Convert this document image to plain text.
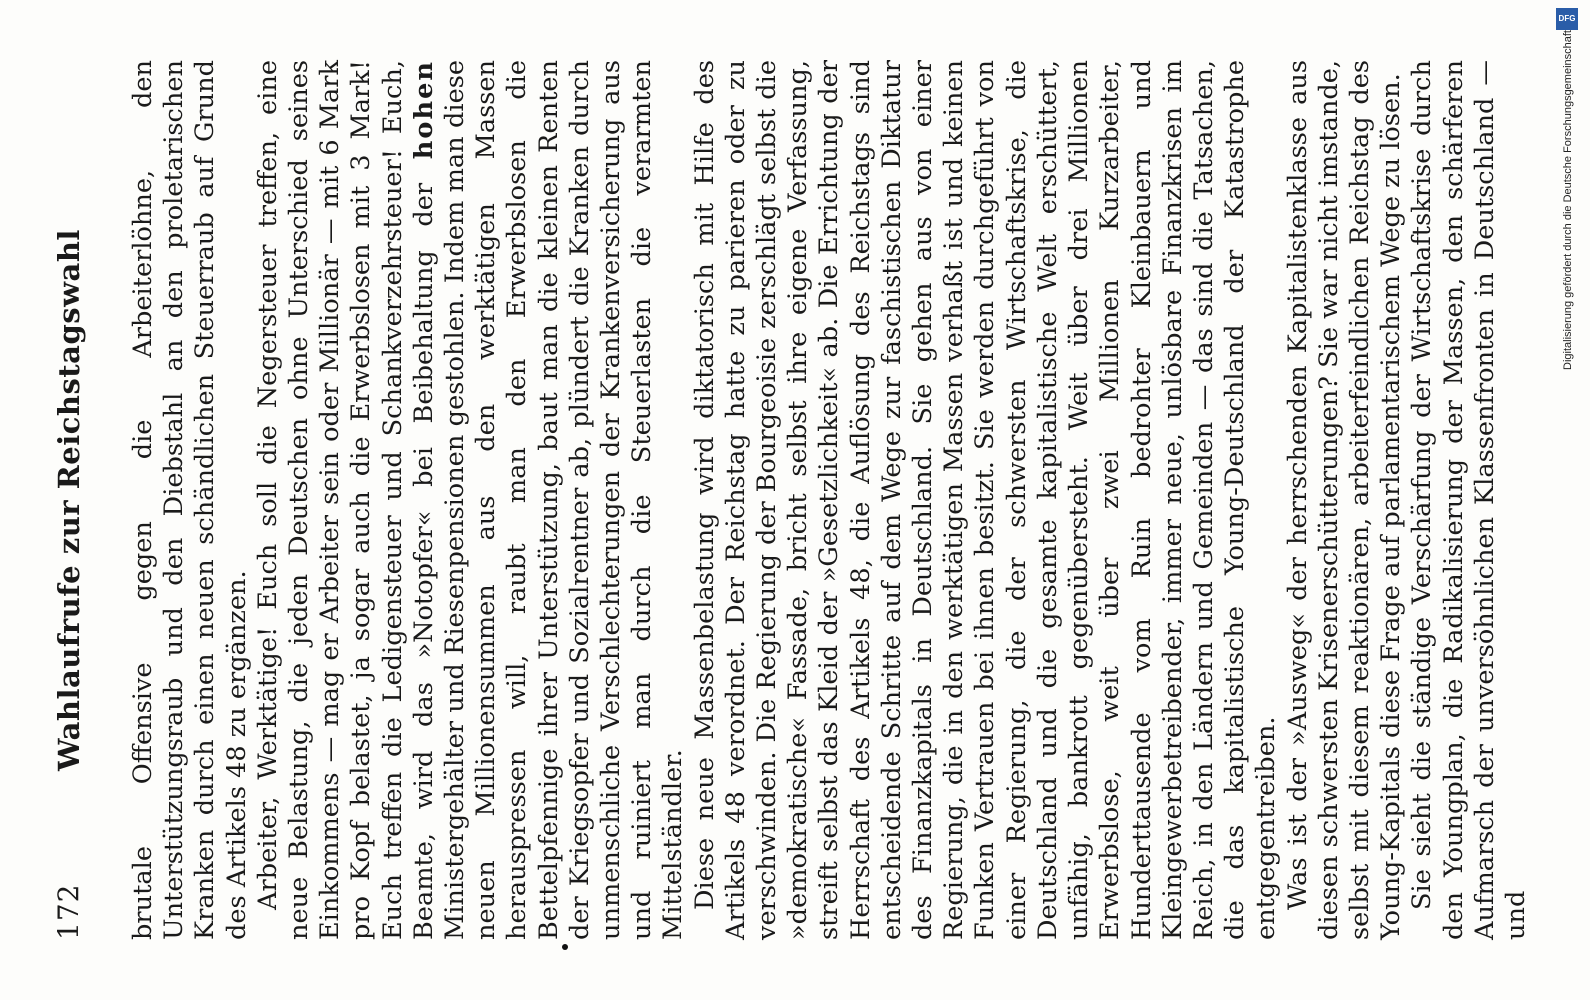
172
Wahlaufrufe zur Reichstagswahl brutale Offensive gegen die Arbeiterlöhne, den Unterstützungsraub und den Diebstahl an den proletarischen Kranken durch einen neuen schändlichen Steuerraub auf Grund des Artikels 48 zu ergänzen. Arbeiter, Werktätige! Euch soll die Negersteuer treffen, eine neue Belastung, die jeden Deutschen ohne Unterschied seines Einkommens — mag er Arbeiter sein oder Millionär — mit 6 Mark pro Kopf belastet, ja sogar auch die Erwerbslosen mit 3 Mark! Euch treffen die Ledigensteuer und Schankverzehrsteuer! Euch, Beamte, wird das »Notopfer« bei Beibehaltung der hohen Ministergehälter und Riesenpensionen gestohlen. Indem man diese neuen Millionensummen aus den werktätigen Massen herauspressen will, raubt man den Erwerbslosen die Bettelpfennige ihrer Unterstützung, baut man die kleinen Renten der Kriegsopfer und Sozialrentner ab, plündert die Kranken durch unmenschliche Verschlechterungen der Krankenversicherung aus und ruiniert man durch die Steuerlasten die verarmten Mittelständler. Diese neue Massenbelastung wird diktatorisch mit Hilfe des Artikels 48 verordnet. Der Reichstag hatte zu parieren oder zu verschwinden. Die Regierung der Bourgeoisie zerschlägt selbst die »demokratische« Fassade, bricht selbst ihre eigene Verfassung, streift selbst das Kleid der »Gesetzlichkeit« ab. Die Errichtung der Herrschaft des Artikels 48, die Auflösung des Reichstags sind entscheidende Schritte auf dem Wege zur faschistischen Diktatur des Finanzkapitals in Deutschland. Sie gehen aus von einer Regierung, die in den werktätigen Massen verhaßt ist und keinen Funken Vertrauen bei ihnen besitzt. Sie werden durchgeführt von einer Regierung, die der schwersten Wirtschaftskrise, die Deutschland und die gesamte kapitalistische Welt erschüttert, unfähig, bankrott gegenübersteht. Weit über drei Millionen Erwerbslose, weit über zwei Millionen Kurzarbeiter, Hunderttausende vom Ruin bedrohter Kleinbauern und Kleingewerbetreibender, immer neue, unlösbare Finanzkrisen im Reich, in den Ländern und Gemeinden — das sind die Tatsachen, die das kapitalistische Young-Deutschland der Katastrophe entgegentreiben. Was ist der »Ausweg« der herrschenden Kapitalistenklasse aus diesen schwersten Krisenerschütterungen? Sie war nicht imstande, selbst mit diesem reaktionären, arbeiterfeindlichen Reichstag des Young-Kapitals diese Frage auf parlamentarischem Wege zu lösen. Sie sieht die ständige Verschärfung der Wirtschaftskrise durch den Youngplan, die Radikalisierung der Massen, den schärferen Aufmarsch der unversöhnlichen Klassenfronten in Deutschland — und

DFG
Digitalisierung gefördert durch die Deutsche Forschungsgemeinschaft
